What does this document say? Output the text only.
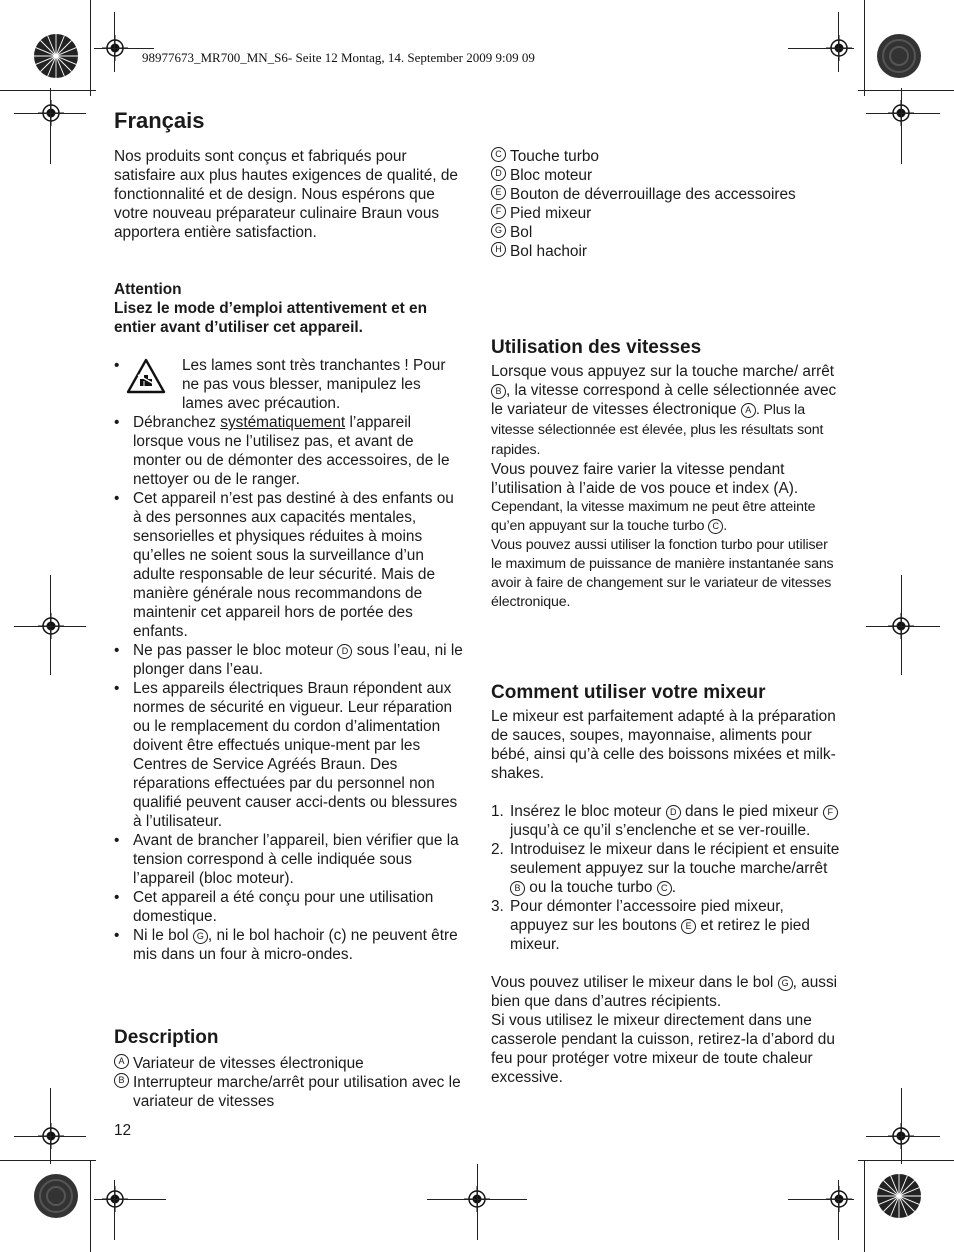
98977673_MR700_MN_S6- Seite 12 Montag, 14. September 2009 9:09 09
Français

Nos produits sont conçus et fabriqués pour satisfaire aux plus hautes exigences de qualité, de fonctionnalité et de design. Nous espérons que votre nouveau préparateur culinaire Braun vous apportera entière satisfaction.

Attention

Lisez le mode d’emploi attentivement et en entier avant d’utiliser cet appareil.

•	Les lames sont très tranchantes ! Pour ne pas vous blesser, manipulez les lames avec précaution.

• Débranchez systématiquement l’appareil lorsque vous ne l’utilisez pas, et avant de monter ou de démonter des accessoires, de le nettoyer ou de le ranger.
• Cet appareil n’est pas destiné à des enfants ou à des personnes aux capacités mentales, sensorielles et physiques réduites à moins qu’elles ne soient sous la surveillance d’un adulte responsable de leur sécurité. Mais de manière générale nous recommandons de maintenir cet appareil hors de portée des enfants.
• Ne pas passer le bloc moteur D sous l’eau, ni le plonger dans l’eau.
• Les appareils électriques Braun répondent aux normes de sécurité en vigueur. Leur réparation ou le remplacement du cordon d’alimentation doivent être effectués unique-ment par les Centres de Service Agréés Braun. Des réparations effectuées par du personnel non qualifié peuvent causer acci-dents ou blessures à l’utilisateur.
• Avant de brancher l’appareil, bien vérifier que la tension correspond à celle indiquée sous l’appareil (bloc moteur).
• Cet appareil a été conçu pour une utilisation domestique.
• Ni le bol G , ni le bol hachoir (c) ne peuvent être mis dans un four à micro-ondes.
Description
A Variateur de vitesses électronique
B Interrupteur marche/arrêt pour utilisation avec le variateur de vitesses
12
C Touche turbo
D Bloc moteur
E Bouton de déverrouillage des accessoires
F Pied mixeur
G Bol
H Bol hachoir
Utilisation des vitesses

Lorsque vous appuyez sur la touche marche/ arrêt B , la vitesse correspond à celle sélectionnée avec le variateur de vitesses électronique A . Plus la vitesse sélectionnée est élevée, plus les résultats sont rapides.

Vous pouvez faire varier la vitesse pendant l’utilisation à l’aide de vos pouce et index (A).

Cependant, la vitesse maximum ne peut être atteinte qu’en appuyant sur la touche turbo C .

Vous pouvez aussi utiliser la fonction turbo pour utiliser le maximum de puissance de manière instantanée sans avoir à faire de changement sur le variateur de vitesses électronique.

Comment utiliser votre mixeur

Le mixeur est parfaitement adapté à la préparation de sauces, soupes, mayonnaise, aliments pour bébé, ainsi qu’à celle des boissons mixées et milk-shakes.

1. Insérez le bloc moteur D dans le pied mixeur F jusqu’à ce qu’il s’enclenche et se ver-rouille.
2. Introduisez le mixeur dans le récipient et ensuite seulement appuyez sur la touche marche/arrêt B ou la touche turbo C .
3. Pour démonter l’accessoire pied mixeur, appuyez sur les boutons E et retirez le pied mixeur.

Vous pouvez utiliser le mixeur dans le bol G , aussi bien que dans d’autres récipients.

Si vous utilisez le mixeur directement dans une casserole pendant la cuisson, retirez-la d’abord du feu pour protéger votre mixeur de toute chaleur excessive.
